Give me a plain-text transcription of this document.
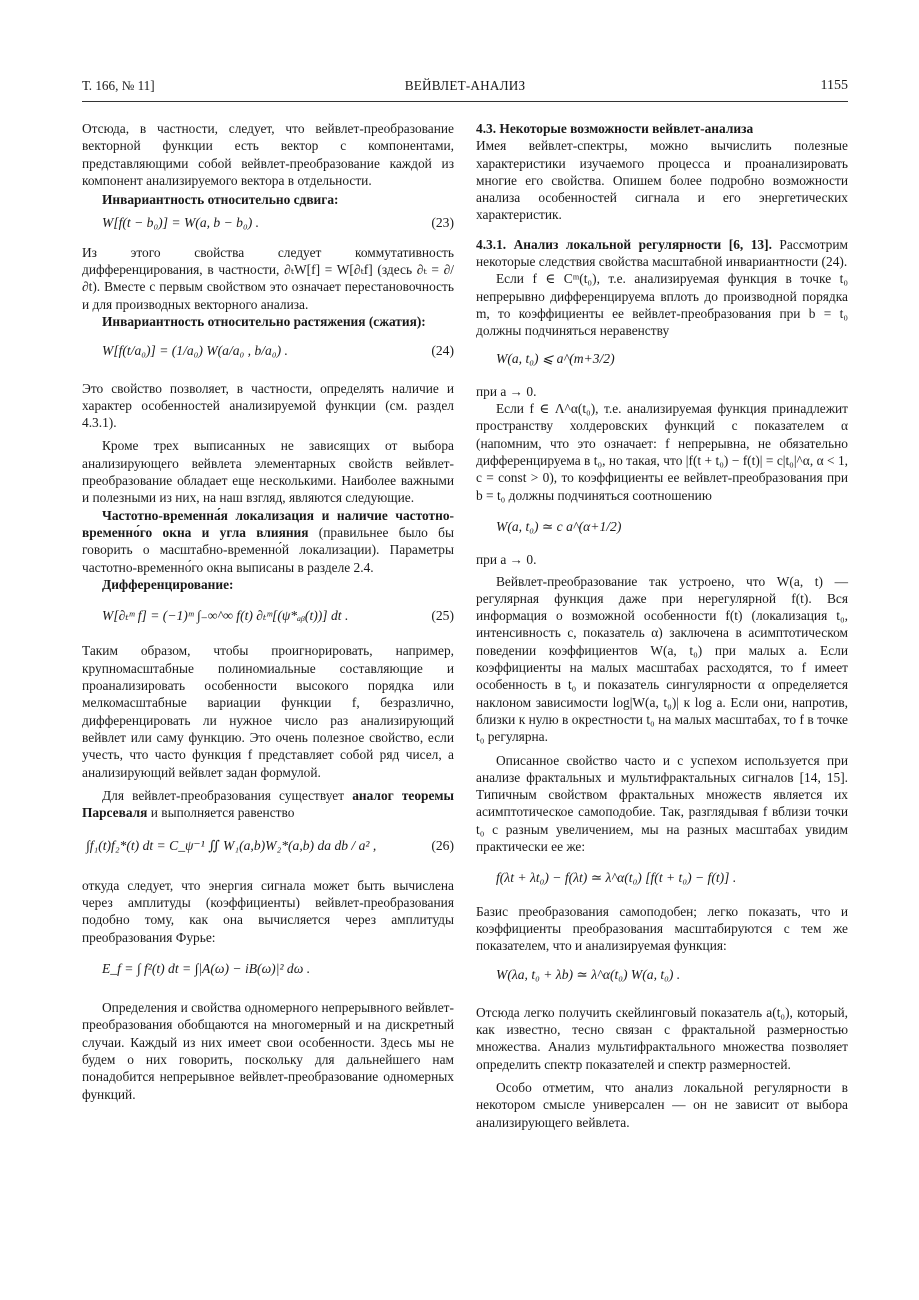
Т. 166, № 11]	ВЕЙВЛЕТ-АНАЛИЗ	1155

Отсюда, в частности, следует, что вейвлет-преобразование векторной функции есть вектор с компонентами, представляющими собой вейвлет-преобразование каждой из компонент анализируемого вектора в отдельности.

Инвариантность относительно сдвига:

W[f(t − b₀)] = W(a, b − b₀) .	(23)

Из этого свойства следует коммутативность дифференцирования, в частности, ∂ₜW[f] = W[∂ₜf] (здесь ∂ₜ = ∂/∂t). Вместе с первым свойством это означает перестановочность и для производных векторного анализа.

Инвариантность относительно растяжения (сжатия):

W[f(t/a₀)] = (1/a₀) W(a/a₀ , b/a₀) .	(24)

Это свойство позволяет, в частности, определять наличие и характер особенностей анализируемой функции (см. раздел 4.3.1).

Кроме трех выписанных не зависящих от выбора анализирующего вейвлета элементарных свойств вейвлет-преобразование обладает еще несколькими. Наиболее важными и полезными из них, на наш взгляд, являются следующие.

Частотно-временна́я локализация и наличие частотно-временно́го окна и угла влияния (правильнее было бы говорить о масштабно-временно́й локализации). Параметры частотно-временно́го окна выписаны в разделе 2.4.

Дифференцирование:

W[∂ₜᵐ f] = (−1)ᵐ ∫₋∞^∞ f(t) ∂ₜᵐ[(ψ*ₐᵦ(t))] dt .	(25)

Таким образом, чтобы проигнорировать, например, крупномасштабные полиномиальные составляющие и проанализировать особенности высокого порядка или мелкомасштабные вариации функции f, безразлично, дифференцировать ли нужное число раз анализирующий вейвлет или саму функцию. Это очень полезное свойство, если учесть, что часто функция f представляет собой ряд чисел, а анализирующий вейвлет задан формулой.

Для вейвлет-преобразования существует аналог теоремы Парсеваля и выполняется равенство

∫f₁(t)f₂*(t) dt = C_ψ⁻¹ ∬ W₁(a,b)W₂*(a,b) da db / a² ,	(26)

откуда следует, что энергия сигнала может быть вычислена через амплитуды (коэффициенты) вейвлет-преобразования подобно тому, как она вычисляется через амплитуды преобразования Фурье:

E_f = ∫ f²(t) dt = ∫|A(ω) − iB(ω)|² dω .

Определения и свойства одномерного непрерывного вейвлет-преобразования обобщаются на многомерный и на дискретный случаи. Каждый из них имеет свои особенности. Здесь мы не будем о них говорить, поскольку для дальнейшего нам понадобится непрерывное вейвлет-преобразование одномерных функций.

4.3. Некоторые возможности вейвлет-анализа

Имея вейвлет-спектры, можно вычислить полезные характеристики изучаемого процесса и проанализировать многие его свойства. Опишем более подробно возможности анализа особенностей сигнала и его энергетических характеристик.

4.3.1. Анализ локальной регулярности [6, 13]. Рассмотрим некоторые следствия свойства масштабной инвариантности (24).

Если f ∈ Cᵐ(t₀), т.е. анализируемая функция в точке t₀ непрерывно дифференцируема вплоть до производной порядка m, то коэффициенты ее вейвлет-преобразования при b = t₀ должны подчиняться неравенству

W(a, t₀) ⩽ a^(m+3/2)

при a → 0.

Если f ∈ Λ^α(t₀), т.е. анализируемая функция принадлежит пространству холдеровских функций с показателем α (напомним, что это означает: f непрерывна, не обязательно дифференцируема в t₀, но такая, что |f(t + t₀) − f(t)| = c|t₀|^α, α < 1, c = const > 0), то коэффициенты ее вейвлет-преобразования при b = t₀ должны подчиняться соотношению

W(a, t₀) ≃ c a^(α+1/2)

при a → 0.

Вейвлет-преобразование так устроено, что W(a, t) — регулярная функция даже при нерегулярной f(t). Вся информация о возможной особенности f(t) (локализация t₀, интенсивность c, показатель α) заключена в асимптотическом поведении коэффициентов W(a, t₀) при малых a. Если коэффициенты на малых масштабах расходятся, то f имеет особенность в t₀ и показатель сингулярности α определяется наклоном зависимости log|W(a, t₀)| к log a. Если они, напротив, близки к нулю в окрестности t₀ на малых масштабах, то f в точке t₀ регулярна.

Описанное свойство часто и с успехом используется при анализе фрактальных и мультифрактальных сигналов [14, 15]. Типичным свойством фрактальных множеств является их асимптотическое самоподобие. Так, разглядывая f вблизи точки t₀ с разным увеличением, мы на разных масштабах увидим практически ее же:

f(λt + λt₀) − f(λt) ≃ λ^α(t₀) [f(t + t₀) − f(t)] .

Базис преобразования самоподобен; легко показать, что и коэффициенты преобразования масштабируются с тем же показателем, что и анализируемая функция:

W(λa, t₀ + λb) ≃ λ^α(t₀) W(a, t₀) .

Отсюда легко получить скейлинговый показатель a(t₀), который, как известно, тесно связан с фрактальной размерностью множества. Анализ мультифрактального множества позволяет определить спектр показателей и спектр размерностей.

Особо отметим, что анализ локальной регулярности в некотором смысле универсален — он не зависит от выбора анализирующего вейвлета.
